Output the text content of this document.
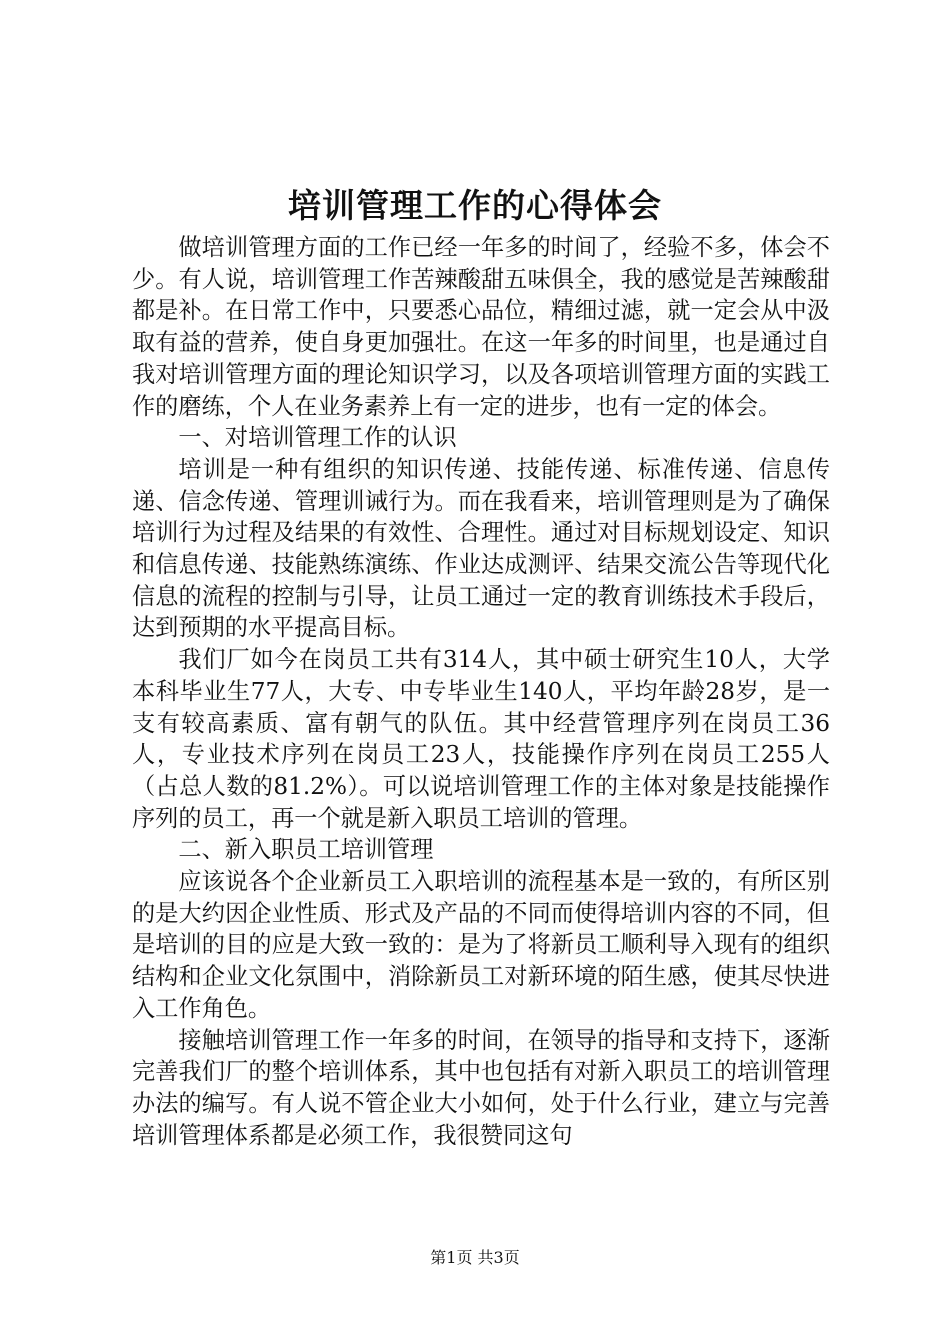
培训管理工作的心得体会

做培训管理方面的工作已经一年多的时间了，经验不多，体会不少。有人说，培训管理工作苦辣酸甜五味俱全，我的感觉是苦辣酸甜都是补。在日常工作中，只要悉心品位，精细过滤，就一定会从中汲取有益的营养，使自身更加强壮。在这一年多的时间里，也是通过自我对培训管理方面的理论知识学习，以及各项培训管理方面的实践工作的磨练，个人在业务素养上有一定的进步，也有一定的体会。

一、对培训管理工作的认识

培训是一种有组织的知识传递、技能传递、标准传递、信息传递、信念传递、管理训诫行为。而在我看来，培训管理则是为了确保培训行为过程及结果的有效性、合理性。通过对目标规划设定、知识和信息传递、技能熟练演练、作业达成测评、结果交流公告等现代化信息的流程的控制与引导，让员工通过一定的教育训练技术手段后，达到预期的水平提高目标。

我们厂如今在岗员工共有314人，其中硕士研究生10人，大学本科毕业生77人，大专、中专毕业生140人，平均年龄28岁，是一支有较高素质、富有朝气的队伍。其中经营管理序列在岗员工36人，专业技术序列在岗员工23人，技能操作序列在岗员工255人（占总人数的81.2%）。可以说培训管理工作的主体对象是技能操作序列的员工，再一个就是新入职员工培训的管理。

二、新入职员工培训管理

应该说各个企业新员工入职培训的流程基本是一致的，有所区别的是大约因企业性质、形式及产品的不同而使得培训内容的不同，但是培训的目的应是大致一致的：是为了将新员工顺利导入现有的组织结构和企业文化氛围中，消除新员工对新环境的陌生感，使其尽快进入工作角色。

接触培训管理工作一年多的时间，在领导的指导和支持下，逐渐完善我们厂的整个培训体系，其中也包括有对新入职员工的培训管理办法的编写。有人说不管企业大小如何，处于什么行业，建立与完善培训管理体系都是必须工作，我很赞同这句

第1页 共3页
